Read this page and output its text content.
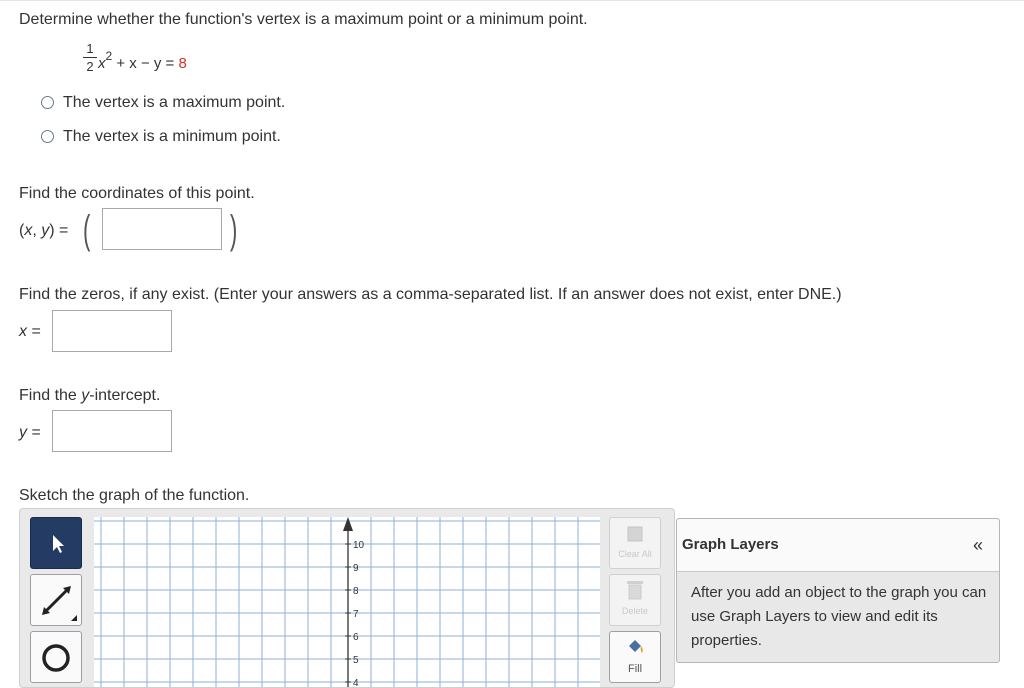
Determine whether the function's vertex is a maximum point or a minimum point.
1
2 $x^2 + x - y = 8$
The vertex is a maximum point.
The vertex is a minimum point.
Find the coordinates of this point.
(x, y) = (	)
Find the zeros, if any exist. (Enter your answers as a comma-separated list. If an answer does not exist, enter DNE.)
x =
Find the y-intercept.
y =
Sketch the graph of the function.
10
9
8
7
6
5
4
Clear All
Delete
Fill
Graph Layers	«
After you add an object to the graph you can use Graph Layers to view and edit its properties.
